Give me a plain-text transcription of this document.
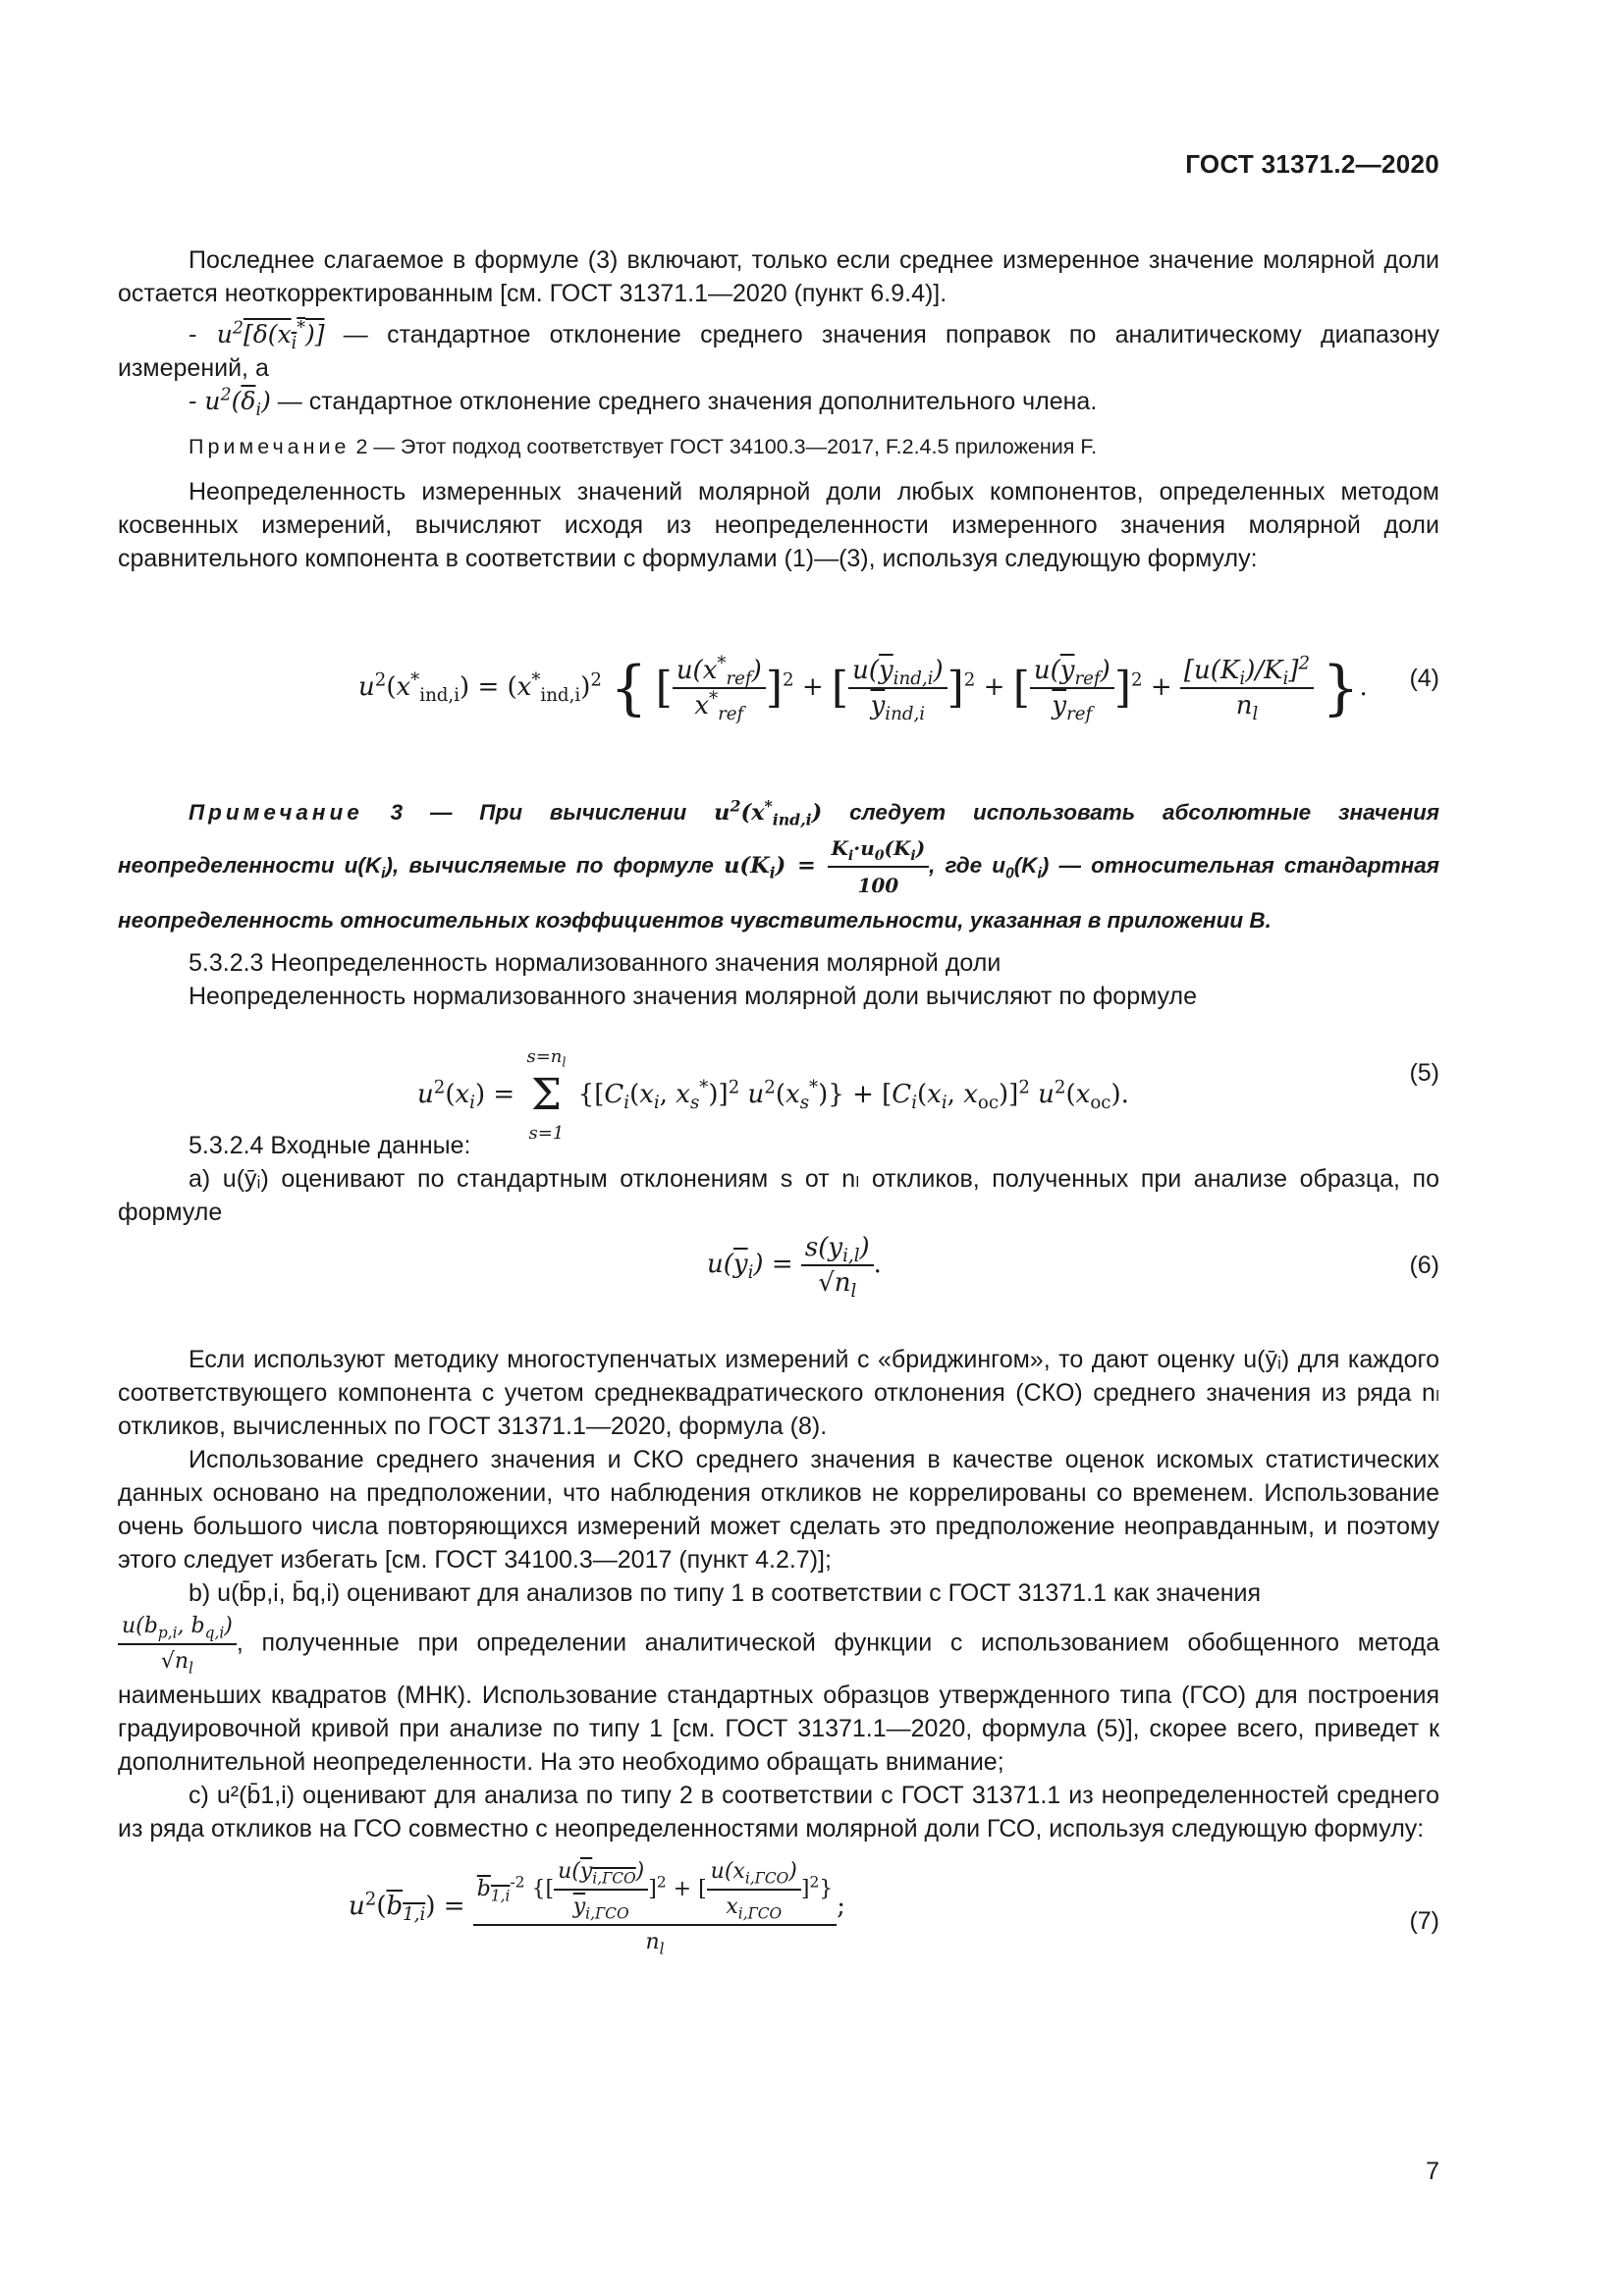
ГОСТ 31371.2—2020

Последнее слагаемое в формуле (3) включают, только если среднее измеренное значение молярной доли остается неоткорректированным [см. ГОСТ 31371.1—2020 (пункт 6.9.4)].

- $u^2[\delta(x_i^*)]$ — стандартное отклонение среднего значения поправок по аналитическому диапазону измерений, а

- $u^2(\overline{\delta}_i)$ — стандартное отклонение среднего значения дополнительного члена.

Примечание 2 — Этот подход соответствует ГОСТ 34100.3—2017, F.2.4.5 приложения F.

Неопределенность измеренных значений молярной доли любых компонентов, определенных методом косвенных измерений, вычисляют исходя из неопределенности измеренного значения молярной доли сравнительного компонента в соответствии с формулами (1)—(3), используя следующую формулу:

$u^2(x^*_{ind,i}) = (x^*_{ind,i})^2$ { [ $\frac{u(x^*_{ref})}{x^*_{ref}} ]^2$ + [ $\frac{u(\overline{y}_{ind,i})}{\overline{y}_{ind,i}} ]^2$ + [ $\frac{u(\overline{y}_{ref})}{\overline{y}_{ref}} ]^2 + \frac{[u(K_i)/K_i]^2}{n_l}$ }. (4)

Примечание 3 — При вычислении $u^2(x^*_{ind,i})$ следует использовать абсолютные значения неопределенности $u(K_i)$, вычисляемые по формуле $u(K_i) = \frac{K_i\cdot u_0(K_i)}{100}$ , где $u_0(K_i)$ — относительная стандартная неопределенность относительных коэффициентов чувствительности, указанная в приложении В.

5.3.2.3 Неопределенность нормализованного значения молярной доли

Неопределенность нормализованного значения молярной доли вычисляют по формуле

$u^2(x_i)$ =
$s=n_l$
Σ
s=1
{[$C_i(x_i$, $x_s^*)]^2$ $u^2(x_s^*)\} + [C_i(x_i$, $x_{oc})]^2$ $u^2(x_{oc})$.
(5)

5.3.2.4 Входные данные:

a) u(ȳᵢ) оценивают по стандартным отклонениям s от nₗ откликов, полученных при анализе образца, по формуле

$u(\overline{y}_i) = \frac{s(y_{i,l})}{√n_l}$ .	(6)

Если используют методику многоступенчатых измерений с «бриджингом», то дают оценку u(ȳᵢ) для каждого соответствующего компонента с учетом среднеквадратического отклонения (СКО) среднего значения из ряда nₗ откликов, вычисленных по ГОСТ 31371.1—2020, формула (8).

Использование среднего значения и СКО среднего значения в качестве оценок искомых статистических данных основано на предположении, что наблюдения откликов не коррелированы со временем. Использование очень большого числа повторяющихся измерений может сделать это предположение неоправданным, и поэтому этого следует избегать [см. ГОСТ 34100.3—2017 (пункт 4.2.7)];

b) u(b̄p,i, b̄q,i) оценивают для анализов по типу 1 в соответствии с ГОСТ 31371.1 как значения

$\frac{u(b_{p,i}, b_{q,i})}{√n_l}$ , полученные при определении аналитической функции с использованием обобщенного метода наименьших квадратов (МНК). Использование стандартных образцов утвержденного типа (ГСО) для построения градуировочной кривой при анализе по типу 1 [см. ГОСТ 31371.1—2020, формула (5)], скорее всего, приведет к дополнительной неопределенности. На это необходимо обращать внимание;

c) u²(b̄1,i) оценивают для анализа по типу 2 в соответствии с ГОСТ 31371.1 из неопределенностей среднего из ряда откликов на ГСО совместно с неопределенностями молярной доли ГСО, используя следующую формулу:

$u^2(b_{1,i}) = \frac{b_{1,i}^{-2} \{[ \frac{u(y_{i,ГСО})}{\overline{y}_{i,ГСО}} ]^2 + [ \frac{u(x_{i,ГСО})}{x_{i,ГСО}} ]^2\}}{n_l}$ ;	(7)
7
